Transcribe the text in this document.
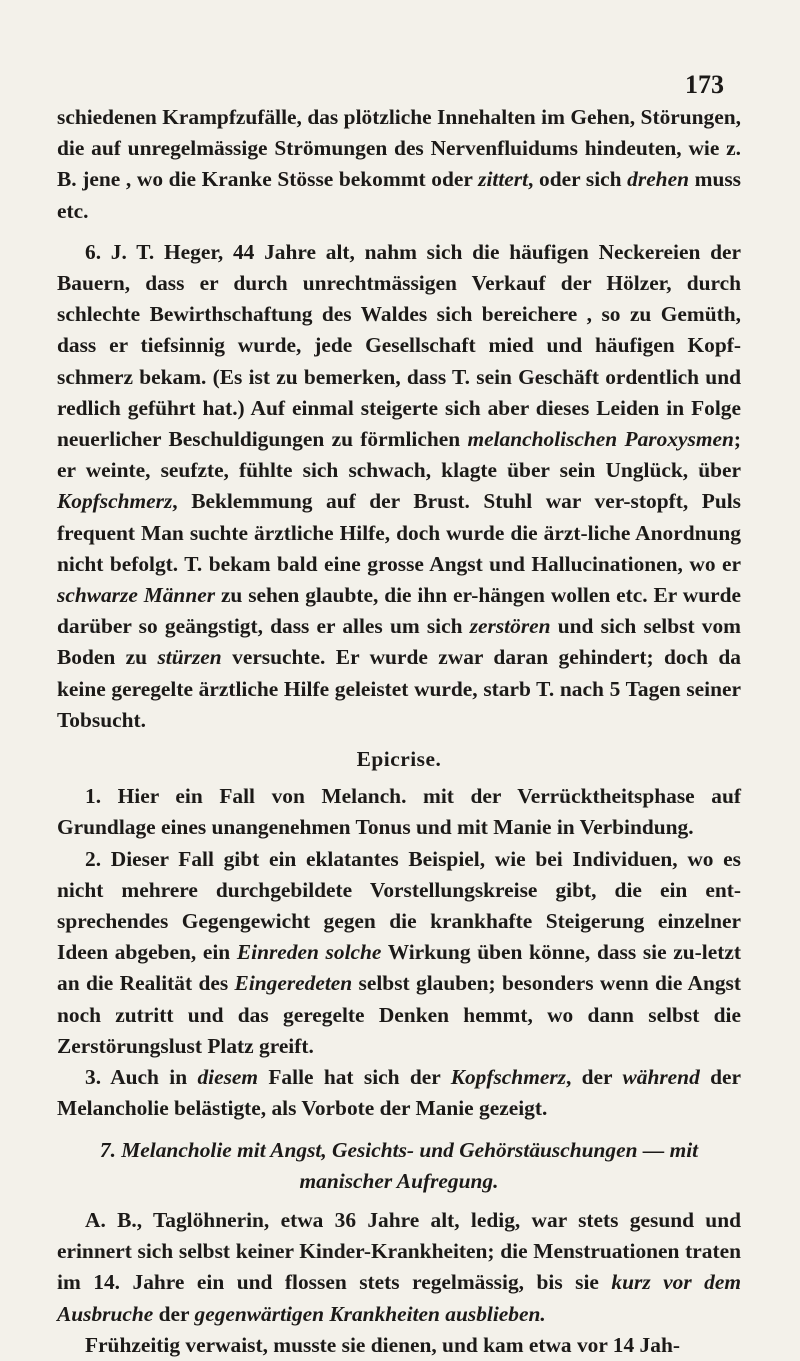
173

schiedenen Krampfzufälle, das plötzliche Innehalten im Gehen, Störungen, die auf unregelmässige Strömungen des Nervenfluidums hindeuten, wie z. B. jene , wo die Kranke Stösse bekommt oder zittert, oder sich drehen muss etc.

6. J. T. Heger, 44 Jahre alt, nahm sich die häufigen Neckereien der Bauern, dass er durch unrechtmässigen Verkauf der Hölzer, durch schlechte Bewirthschaftung des Waldes sich bereichere , so zu Gemüth, dass er tiefsinnig wurde, jede Gesellschaft mied und häufigen Kopf-schmerz bekam. (Es ist zu bemerken, dass T. sein Geschäft ordentlich und redlich geführt hat.) Auf einmal steigerte sich aber dieses Leiden in Folge neuerlicher Beschuldigungen zu förmlichen melancholischen Paroxysmen; er weinte, seufzte, fühlte sich schwach, klagte über sein Unglück, über Kopfschmerz, Beklemmung auf der Brust. Stuhl war ver-stopft, Puls frequent Man suchte ärztliche Hilfe, doch wurde die ärzt-liche Anordnung nicht befolgt. T. bekam bald eine grosse Angst und Hallucinationen, wo er schwarze Männer zu sehen glaubte, die ihn er-hängen wollen etc. Er wurde darüber so geängstigt, dass er alles um sich zerstören und sich selbst vom Boden zu stürzen versuchte. Er wurde zwar daran gehindert; doch da keine geregelte ärztliche Hilfe geleistet wurde, starb T. nach 5 Tagen seiner Tobsucht.

Epicrise.

1. Hier ein Fall von Melanch. mit der Verrücktheitsphase auf Grundlage eines unangenehmen Tonus und mit Manie in Verbindung.

2. Dieser Fall gibt ein eklatantes Beispiel, wie bei Individuen, wo es nicht mehrere durchgebildete Vorstellungskreise gibt, die ein ent-sprechendes Gegengewicht gegen die krankhafte Steigerung einzelner Ideen abgeben, ein Einreden solche Wirkung üben könne, dass sie zu-letzt an die Realität des Eingeredeten selbst glauben; besonders wenn die Angst noch zutritt und das geregelte Denken hemmt, wo dann selbst die Zerstörungslust Platz greift.

3. Auch in diesem Falle hat sich der Kopfschmerz, der während der Melancholie belästigte, als Vorbote der Manie gezeigt.

7. Melancholie mit Angst, Gesichts- und Gehörstäuschungen — mit manischer Aufregung.

A. B., Taglöhnerin, etwa 36 Jahre alt, ledig, war stets gesund und erinnert sich selbst keiner Kinder-Krankheiten; die Menstruationen traten im 14. Jahre ein und flossen stets regelmässig, bis sie kurz vor dem Ausbruche der gegenwärtigen Krankheiten ausblieben.

Frühzeitig verwaist, musste sie dienen, und kam etwa vor 14 Jah-
